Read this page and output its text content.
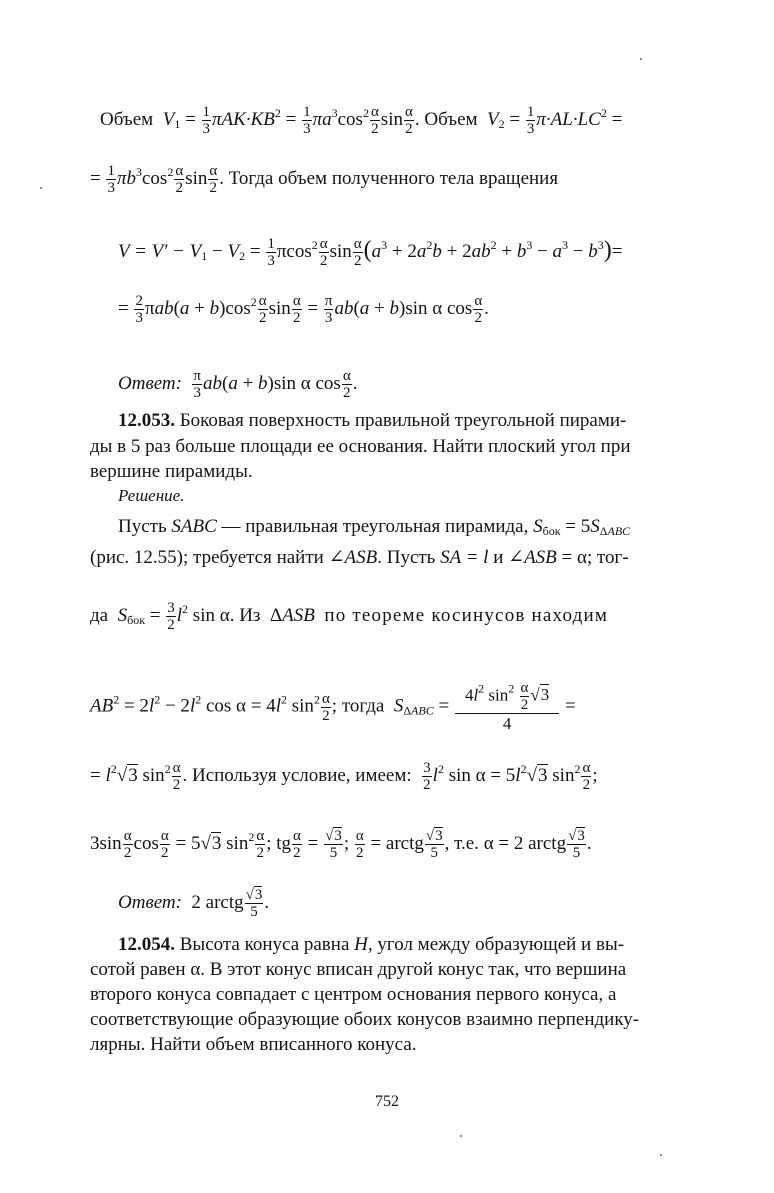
Объем  $V_1 = \frac{1}{3} \pi AK\cdot KB^2 = \frac{1}{3} \pi a^3\cos^2 \frac{\alpha}{2}$ $\sin \frac{\alpha}{2}$ . Объем  $V_2 = \frac{1}{3} \pi\cdot AL\cdot LC^2$ =
= $\frac{1}{3} \pi b^3\cos^2 \frac{\alpha}{2}$ $\sin \frac{\alpha}{2}$ . Тогда объем полученного тела вращения
$V = V' - V_1 - V_2 = \frac{1}{3} \pi\cos^2 \frac{\alpha}{2}$ $\sin \frac{\alpha}{2} (a^3 + 2a^2b + 2ab^2 + b^3 - a^3 - b^3)=$
= $\frac{2}{3} \pi ab(a + b)\cos^2 \frac{\alpha}{2}$ $\sin \frac{\alpha}{2} = \frac{\pi}{3} ab(a + b)\sin$ α $\cos \frac{\alpha}{2}$ .
Ответ: $\frac{\pi}{3} ab(a + b)\sin$ α $\cos \frac{\alpha}{2}$ .
12.053. Боковая поверхность правильной треугольной пирами-
ды в 5 раз больше площади ее основания. Найти плоский угол при
вершине пирамиды.
Решение.
Пусть SABC — правильная треугольная пирамида, $S_{бок} = 5S_{\Delta ABC}$
(рис. 12.55); требуется найти ∠ASB. Пусть SA = l и ∠ASB = α; тог-
да $S_{бок} = \frac{3}{2} l^2$ sin α. Из  ΔASB по теореме косинусов находим
$AB^2 = 2l^2 - 2l^2$ $\cos \alpha = 4l^2$ $\sin^2 \frac{\alpha}{2}$ ; тогда $S_{\Delta ABC} = \frac{4l^2 \sin^2 \frac{\alpha}{2} √3}{4}$ =
= $l^2√3$ $\sin^2 \frac{\alpha}{2}$ . Используя условие, имеем: $\frac{3}{2} l^2$ $\sin \alpha = 5l^2√3$ $\sin^2 \frac{\alpha}{2}$ ;
$3\sin \frac{\alpha}{2}$ $\cos \frac{\alpha}{2} = 5√3$ $\sin^2 \frac{\alpha}{2}$ ; tg $\frac{\alpha}{2} = \frac{√3}{5}$ ; $\frac{\alpha}{2}$ = arctg $\frac{√3}{5}$ , т.е. α = 2 arctg $\frac{√3}{5}$ .
Ответ:  2 arctg $\frac{√3}{5}$ .
12.054. Высота конуса равна H, угол между образующей и вы-
сотой равен α. В этот конус вписан другой конус так, что вершина
второго конуса совпадает с центром основания первого конуса, а
соответствующие образующие обоих конусов взаимно перпендику-
лярны. Найти объем вписанного конуса.
752
